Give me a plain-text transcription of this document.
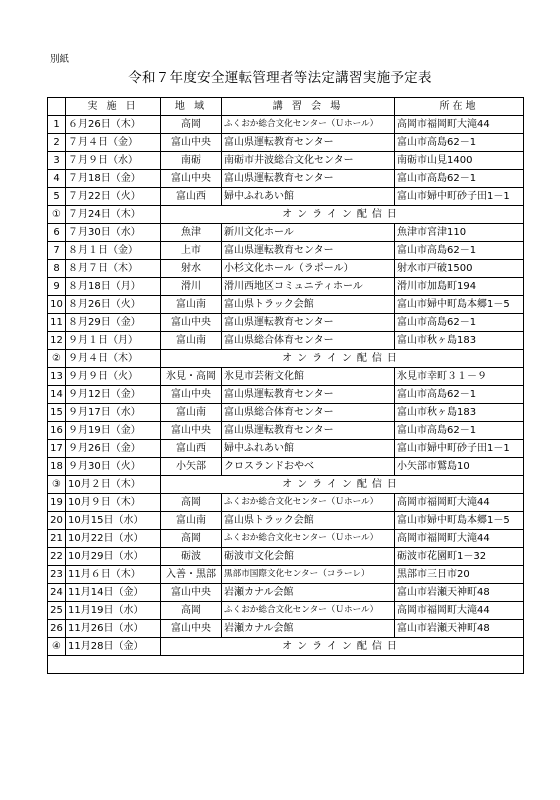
別紙
令和７年度安全運転管理者等法定講習実施予定表
	実 施 日	地 域	講 習 会 場	所在地
1	６月26日（木）	高岡	ふくおか総合文化センター（Ｕホール）	高岡市福岡町大滝44
2	７月４日（金）	富山中央	富山県運転教育センター	富山市高島62－1
3	７月９日（水）	南砺	南砺市井波総合文化センター	南砺市山見1400
4	７月18日（金）	富山中央	富山県運転教育センター	富山市高島62－1
5	７月22日（火）	富山西	婦中ふれあい館	富山市婦中町砂子田1－1
①	７月24日（木）	オンライン配信日		
6	７月30日（水）	魚津	新川文化ホール	魚津市宮津110
7	８月１日（金）	上市	富山県運転教育センター	富山市高島62－1
8	８月７日（木）	射水	小杉文化ホール（ラポール）	射水市戸破1500
9	８月18日（月）	滑川	滑川西地区コミュニティホール	滑川市加島町194
10	８月26日（火）	富山南	富山県トラック会館	富山市婦中町島本郷1－5
11	８月29日（金）	富山中央	富山県運転教育センター	富山市高島62－1
12	９月１日（月）	富山南	富山県総合体育センター	富山市秋ヶ島183
②	９月４日（木）	オンライン配信日		
13	９月９日（火）	氷見・高岡	氷見市芸術文化館	氷見市幸町３１－９
14	９月12日（金）	富山中央	富山県運転教育センター	富山市高島62－1
15	９月17日（水）	富山南	富山県総合体育センター	富山市秋ヶ島183
16	９月19日（金）	富山中央	富山県運転教育センター	富山市高島62－1
17	９月26日（金）	富山西	婦中ふれあい館	富山市婦中町砂子田1－1
18	９月30日（火）	小矢部	クロスランドおやべ	小矢部市鷲島10
③	10月２日（木）	オンライン配信日		
19	10月９日（木）	高岡	ふくおか総合文化センター（Ｕホール）	高岡市福岡町大滝44
20	10月15日（水）	富山南	富山県トラック会館	富山市婦中町島本郷1－5
21	10月22日（水）	高岡	ふくおか総合文化センター（Ｕホール）	高岡市福岡町大滝44
22	10月29日（水）	砺波	砺波市文化会館	砺波市花園町1－32
23	11月６日（木）	入善・黒部	黒部市国際文化センター（コラーレ）	黒部市三日市20
24	11月14日（金）	富山中央	岩瀬カナル会館	富山市岩瀬天神町48
25	11月19日（水）	高岡	ふくおか総合文化センター（Ｕホール）	高岡市福岡町大滝44
26	11月26日（水）	富山中央	岩瀬カナル会館	富山市岩瀬天神町48
④	11月28日（金）	オンライン配信日		
